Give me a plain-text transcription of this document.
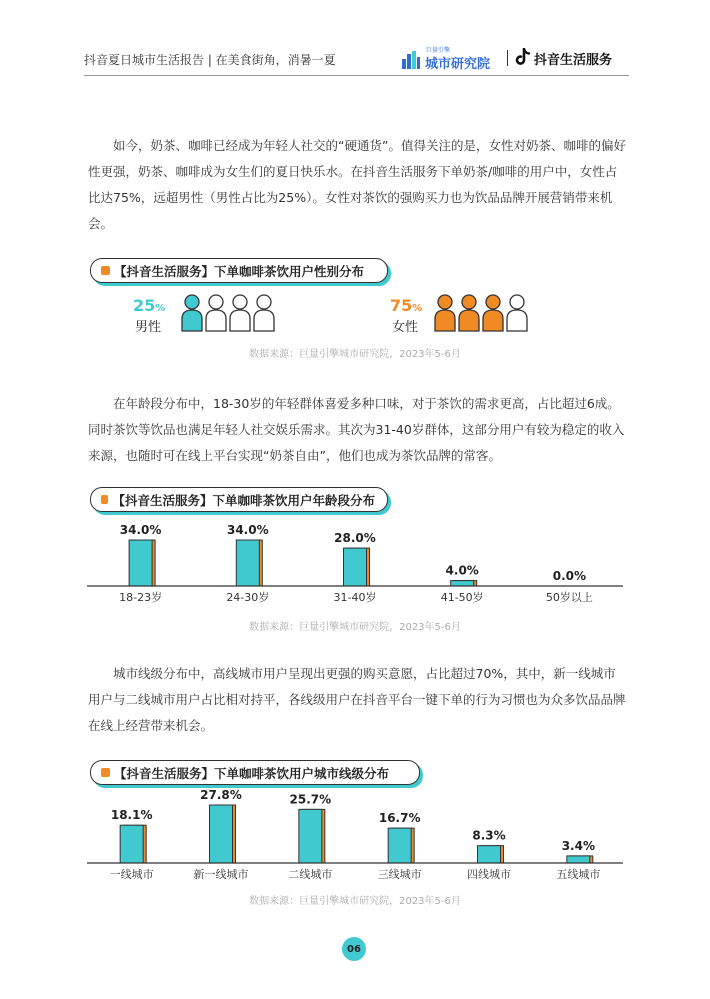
抖音夏日城市生活报告 | 在美食街角，消暑一夏
巨量引擎
城市研究院	抖音生活服务

如今，奶茶、咖啡已经成为年轻人社交的“硬通货”。值得关注的是，女性对奶茶、咖啡的偏好性更强，奶茶、咖啡成为女生们的夏日快乐水。在抖音生活服务下单奶茶/咖啡的用户中，女性占比达75%，远超男性（男性占比为25%）。女性对茶饮的强购买力也为饮品品牌开展营销带来机会。

【抖音生活服务】下单咖啡茶饮用户性别分布
25%
男性
75%
女性
数据来源：巨量引擎城市研究院，2023年5-6月

在年龄段分布中，18-30岁的年轻群体喜爱多种口味，对于茶饮的需求更高，占比超过6成。同时茶饮等饮品也满足年轻人社交娱乐需求。其次为31-40岁群体，这部分用户有较为稳定的收入来源，也随时可在线上平台实现“奶茶自由”，他们也成为茶饮品牌的常客。

【抖音生活服务】下单咖啡茶饮用户年龄段分布
34.0%
18-23岁
34.0%
24-30岁
28.0%
31-40岁
4.0%
41-50岁
0.0%
50岁以上
数据来源：巨量引擎城市研究院，2023年5-6月

城市线级分布中，高线城市用户呈现出更强的购买意愿，占比超过70%，其中，新一线城市用户与二线城市用户占比相对持平，各线级用户在抖音平台一键下单的行为习惯也为众多饮品品牌在线上经营带来机会。

【抖音生活服务】下单咖啡茶饮用户城市线级分布
18.1%
一线城市
27.8%
新一线城市
25.7%
二线城市
16.7%
三线城市
8.3%
四线城市
3.4%
五线城市
数据来源：巨量引擎城市研究院，2023年5-6月
06
